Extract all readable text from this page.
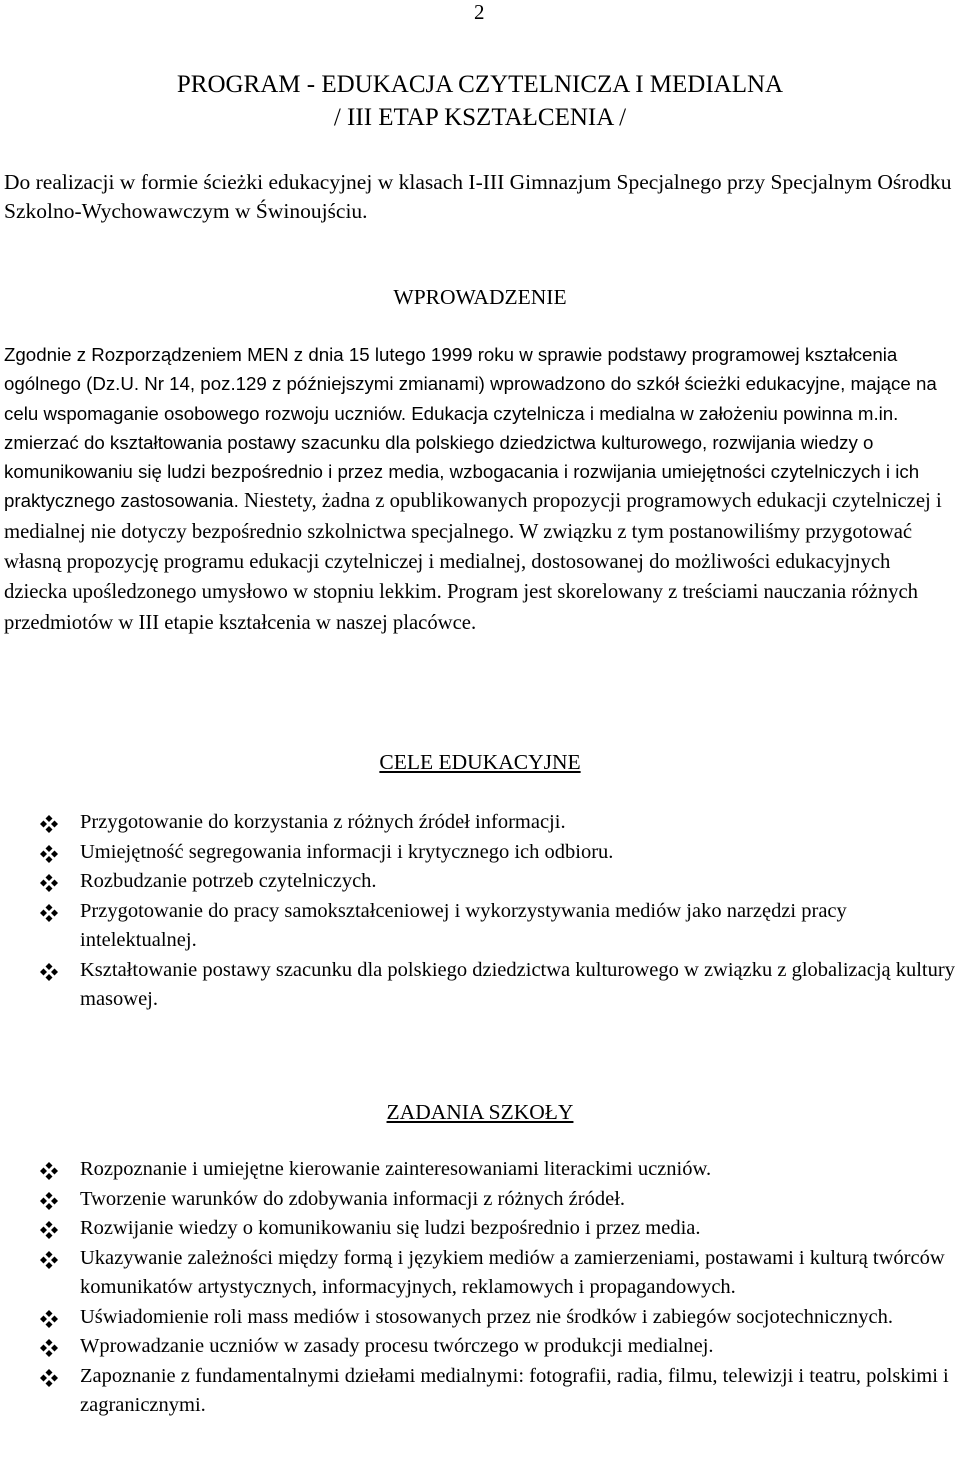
2
PROGRAM - EDUKACJA CZYTELNICZA I MEDIALNA
/ III ETAP KSZTAŁCENIA /

Do realizacji w formie ścieżki edukacyjnej w klasach I-III Gimnazjum Specjalnego przy Specjalnym Ośrodku Szkolno-Wychowawczym w Świnoujściu.

WPROWADZENIE

Zgodnie z Rozporządzeniem MEN z dnia 15 lutego 1999 roku w sprawie podstawy programowej kształcenia ogólnego (Dz.U. Nr 14, poz.129 z późniejszymi zmianami) wprowadzono do szkół ścieżki edukacyjne, mające na celu wspomaganie osobowego rozwoju uczniów. Edukacja czytelnicza i medialna w założeniu powinna m.in. zmierzać do kształtowania postawy szacunku dla polskiego dziedzictwa kulturowego, rozwijania wiedzy o komunikowaniu się ludzi bezpośrednio i przez media, wzbogacania i rozwijania umiejętności czytelniczych i ich praktycznego zastosowania. Niestety, żadna z opublikowanych propozycji programowych edukacji czytelniczej i medialnej nie dotyczy bezpośrednio szkolnictwa specjalnego. W związku z tym postanowiliśmy przygotować własną propozycję programu edukacji czytelniczej i medialnej, dostosowanej do możliwości edukacyjnych dziecka upośledzonego umysłowo w stopniu lekkim. Program jest skorelowany z treściami nauczania różnych przedmiotów w III etapie kształcenia w naszej placówce.

CELE EDUKACYJNE
Przygotowanie do korzystania z różnych źródeł informacji.
Umiejętność segregowania informacji i krytycznego ich odbioru.
Rozbudzanie potrzeb czytelniczych.
Przygotowanie do pracy samokształceniowej i wykorzystywania mediów jako narzędzi pracy intelektualnej.
Kształtowanie postawy szacunku dla polskiego dziedzictwa kulturowego w związku z globalizacją kultury masowej.
ZADANIA SZKOŁY
Rozpoznanie i umiejętne kierowanie zainteresowaniami literackimi uczniów.
Tworzenie warunków do zdobywania informacji z różnych źródeł.
Rozwijanie wiedzy o komunikowaniu się ludzi bezpośrednio i przez media.
Ukazywanie zależności między formą i językiem mediów a zamierzeniami, postawami i kulturą twórców komunikatów artystycznych, informacyjnych, reklamowych i propagandowych.
Uświadomienie roli mass mediów i stosowanych przez nie środków i zabiegów socjotechnicznych.
Wprowadzanie uczniów w zasady procesu twórczego w produkcji medialnej.
Zapoznanie z fundamentalnymi dziełami medialnymi: fotografii, radia, filmu, telewizji i teatru, polskimi i zagranicznymi.
